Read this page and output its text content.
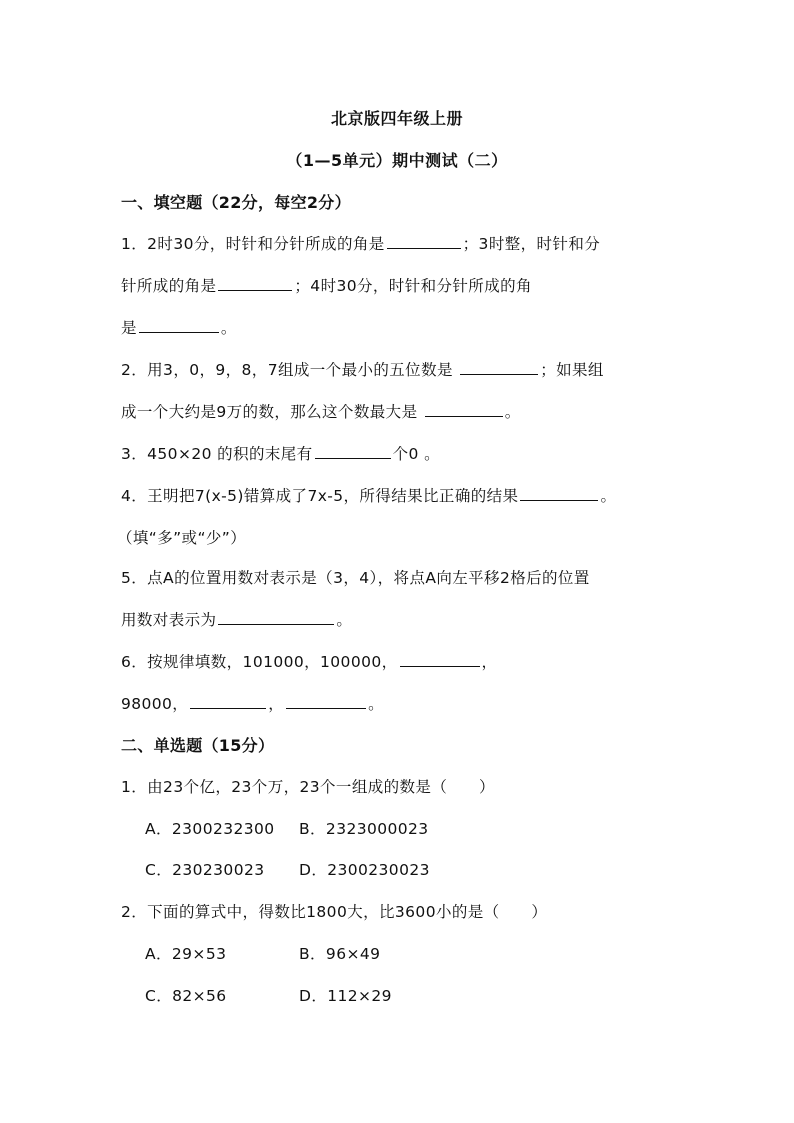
北京版四年级上册
（1—5单元）期中测试（二）
一、填空题（22分，每空2分）
1．2时30分，时针和分针所成的角是	；3时整，时针和分
针所成的角是	；4时30分，时针和分针所成的角
是	。
2．用3，0，9，8，7组成一个最小的五位数是	；如果组
成一个大约是9万的数，那么这个数最大是	。
3．450×20 的积的末尾有	个0 。
4．王明把7(x-5)错算成了7x-5，所得结果比正确的结果	。
（填“多”或“少”）
5．点A的位置用数对表示是（3，4），将点A向左平移2格后的位置
用数对表示为	。
6．按规律填数，101000，100000，	，
98000，	，	。
二、单选题（15分）
1．由23个亿，23个万，23个一组成的数是（　　）
A．2300232300 B．2323000023
C．230230023 D．2300230023
2．下面的算式中，得数比1800大，比3600小的是（　　）
A．29×53	B．96×49
C．82×56	D．112×29
